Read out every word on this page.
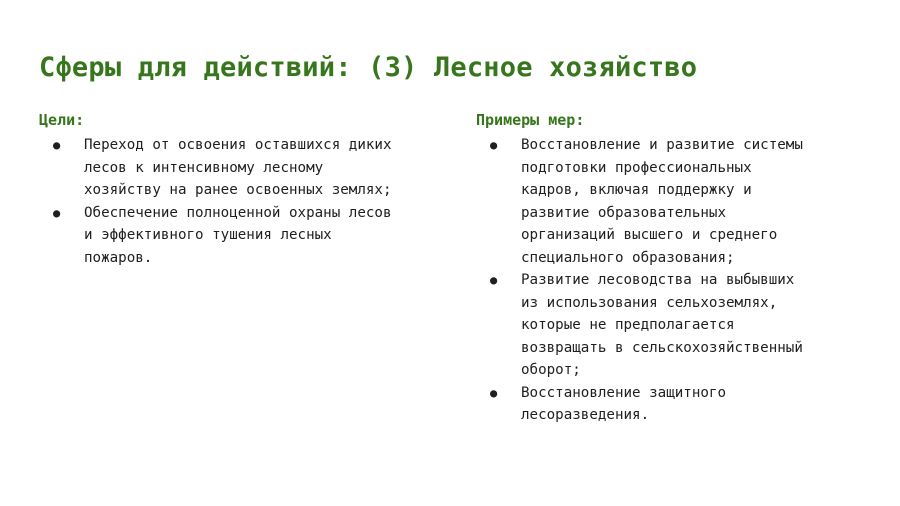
Сферы для действий: (3) Лесное хозяйство
Цели:
● Переход от освоения оставшихся диких
лесов к интенсивному лесному
хозяйству на ранее освоенных землях;
● Обеспечение полноценной охраны лесов
и эффективного тушения лесных
пожаров.
Примеры мер:
● Восстановление и развитие системы
подготовки профессиональных
кадров, включая поддержку и
развитие образовательных
организаций высшего и среднего
специального образования;
● Развитие лесоводства на выбывших
из использования сельхоземлях,
которые не предполагается
возвращать в сельскохозяйственный
оборот;
● Восстановление защитного
лесоразведения.
